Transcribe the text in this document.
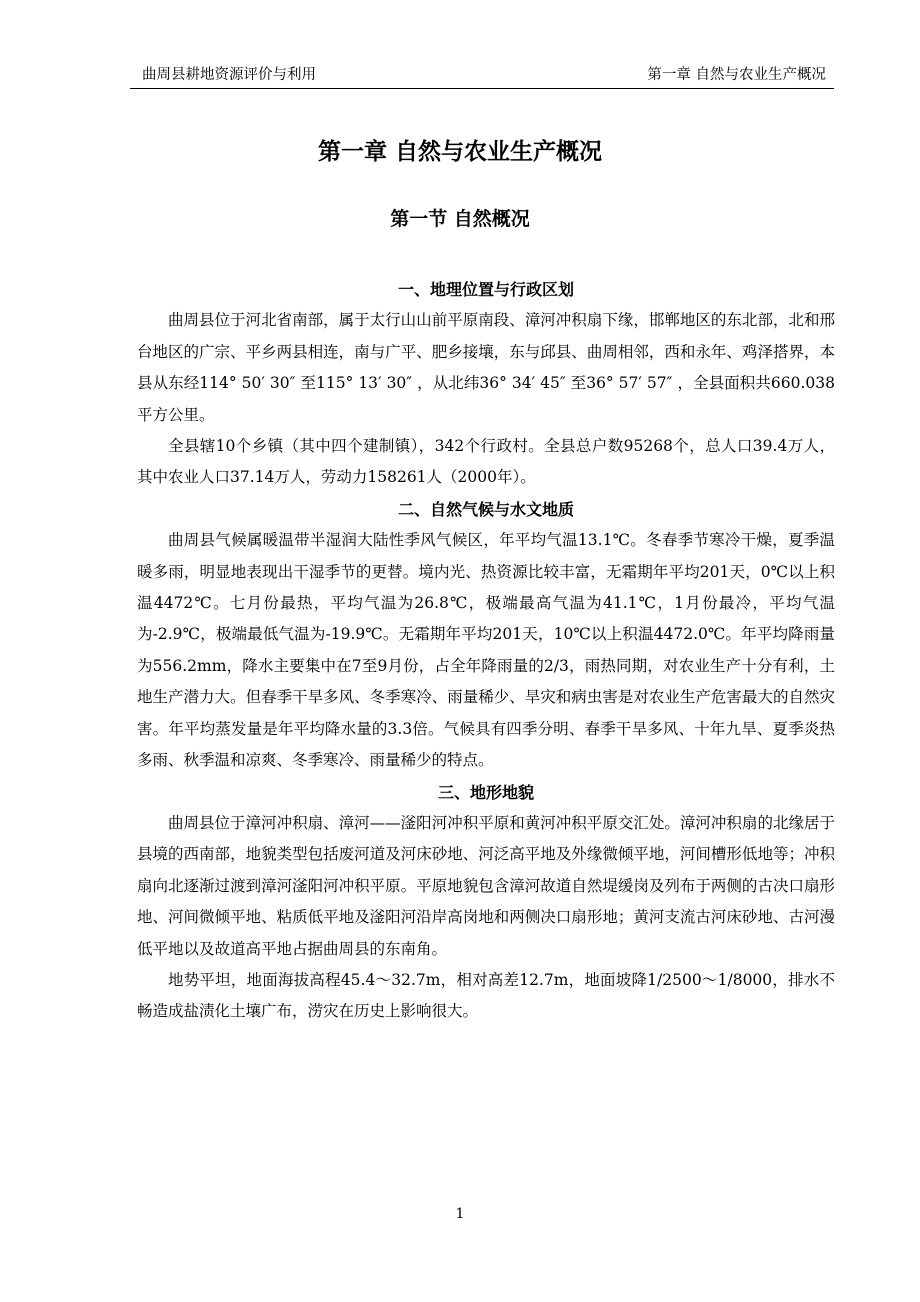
曲周县耕地资源评价与利用	第一章 自然与农业生产概况
第一章 自然与农业生产概况
第一节 自然概况

一、地理位置与行政区划

曲周县位于河北省南部，属于太行山山前平原南段、漳河冲积扇下缘，邯郸地区的东北部，北和邢台地区的广宗、平乡两县相连，南与广平、肥乡接壤，东与邱县、曲周相邻，西和永年、鸡泽搭界，本县从东经114° 50′ 30″ 至115° 13′ 30″ ，从北纬36° 34′ 45″ 至36° 57′ 57″ ，全县面积共660.038平方公里。

全县辖10个乡镇（其中四个建制镇），342个行政村。全县总户数95268个，总人口39.4万人，其中农业人口37.14万人，劳动力158261人（2000年）。

二、自然气候与水文地质

曲周县气候属暖温带半湿润大陆性季风气候区，年平均气温13.1℃。冬春季节寒冷干燥，夏季温暖多雨，明显地表现出干湿季节的更替。境内光、热资源比较丰富，无霜期年平均201天，0℃以上积温4472℃。七月份最热，平均气温为26.8℃，极端最高气温为41.1℃，1月份最冷，平均气温为-2.9℃，极端最低气温为-19.9℃。无霜期年平均201天，10℃以上积温4472.0℃。年平均降雨量为556.2mm，降水主要集中在7至9月份，占全年降雨量的2/3，雨热同期，对农业生产十分有利，土地生产潜力大。但春季干旱多风、冬季寒冷、雨量稀少、旱灾和病虫害是对农业生产危害最大的自然灾害。年平均蒸发量是年平均降水量的3.3倍。气候具有四季分明、春季干旱多风、十年九旱、夏季炎热多雨、秋季温和凉爽、冬季寒冷、雨量稀少的特点。

三、地形地貌

曲周县位于漳河冲积扇、漳河——滏阳河冲积平原和黄河冲积平原交汇处。漳河冲积扇的北缘居于县境的西南部，地貌类型包括废河道及河床砂地、河泛高平地及外缘微倾平地，河间槽形低地等；冲积扇向北逐渐过渡到漳河滏阳河冲积平原。平原地貌包含漳河故道自然堤缓岗及列布于两侧的古决口扇形地、河间微倾平地、粘质低平地及滏阳河沿岸高岗地和两侧决口扇形地；黄河支流古河床砂地、古河漫低平地以及故道高平地占据曲周县的东南角。

地势平坦，地面海拔高程45.4～32.7m，相对高差12.7m，地面坡降1/2500～1/8000，排水不畅造成盐渍化土壤广布，涝灾在历史上影响很大。

1
